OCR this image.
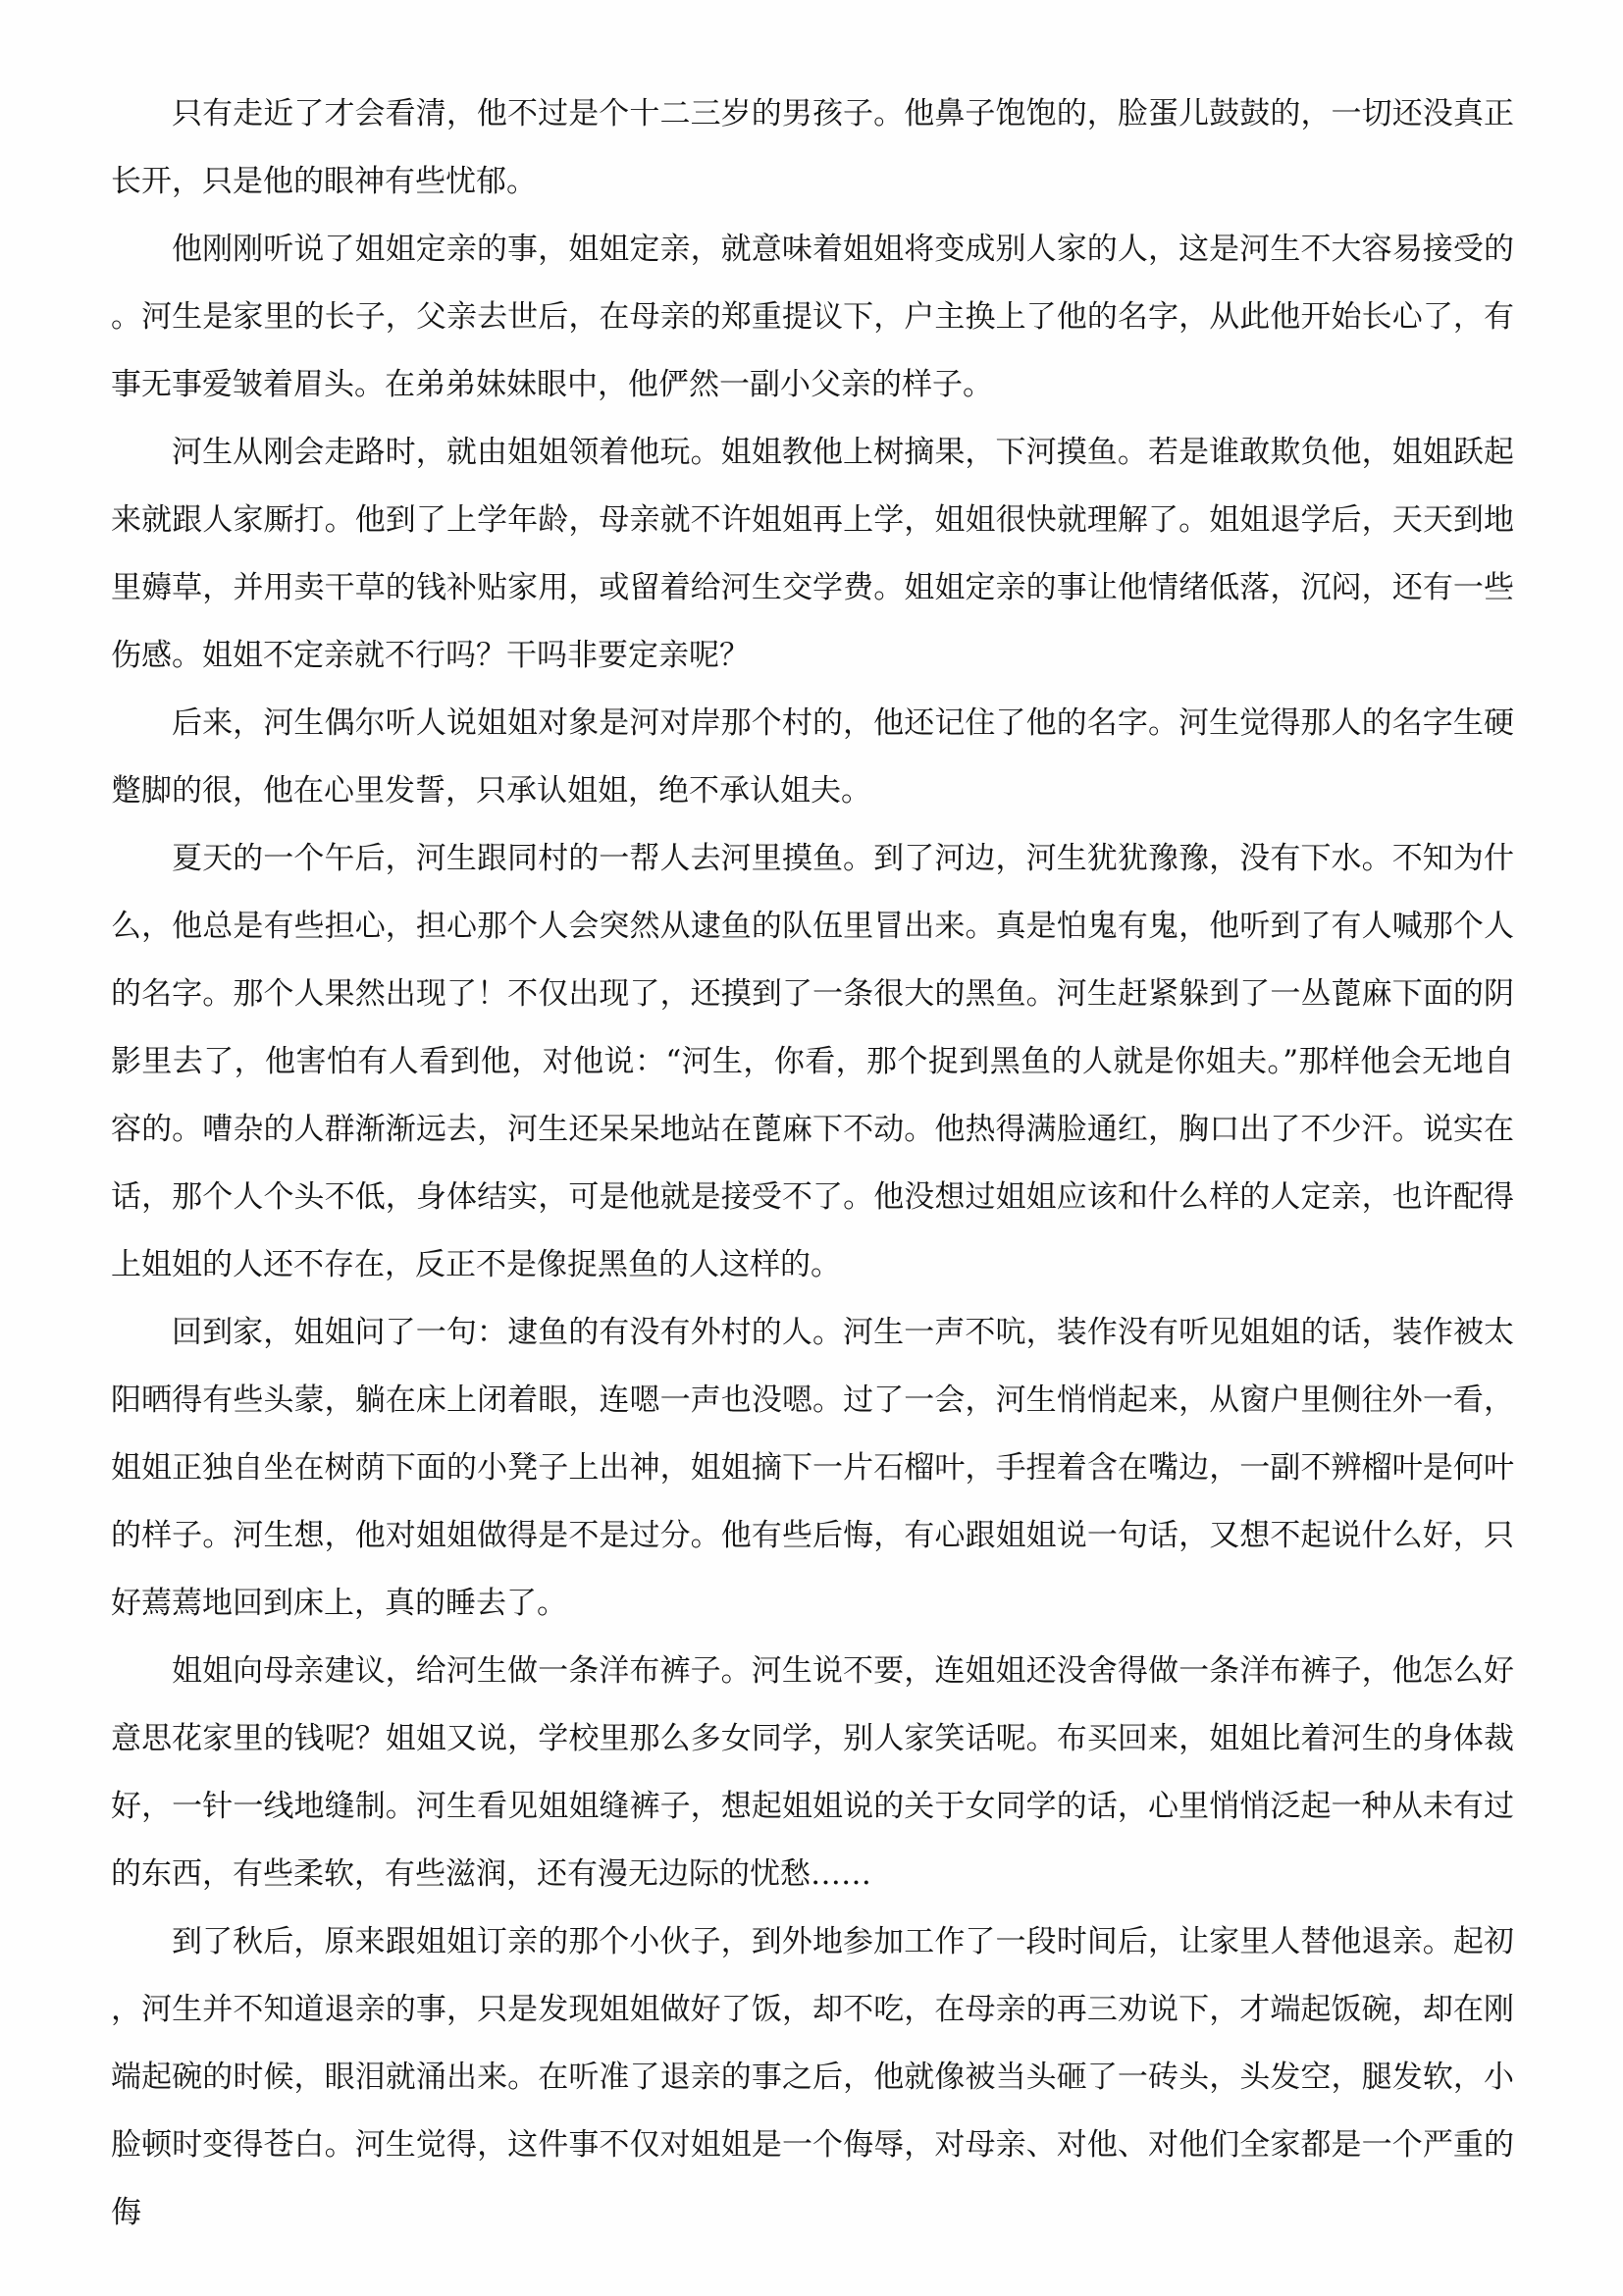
只有走近了才会看清，他不过是个十二三岁的男孩子。他鼻子饱饱的，脸蛋儿鼓鼓的，一切还没真正长开，只是他的眼神有些忧郁。

他刚刚听说了姐姐定亲的事，姐姐定亲，就意味着姐姐将变成别人家的人，这是河生不大容易接受的。河生是家里的长子，父亲去世后，在母亲的郑重提议下，户主换上了他的名字，从此他开始长心了，有事无事爱皱着眉头。在弟弟妹妹眼中，他俨然一副小父亲的样子。

河生从刚会走路时，就由姐姐领着他玩。姐姐教他上树摘果，下河摸鱼。若是谁敢欺负他，姐姐跃起来就跟人家厮打。他到了上学年龄，母亲就不许姐姐再上学，姐姐很快就理解了。姐姐退学后，天天到地里薅草，并用卖干草的钱补贴家用，或留着给河生交学费。姐姐定亲的事让他情绪低落，沉闷，还有一些伤感。姐姐不定亲就不行吗？干吗非要定亲呢？

后来，河生偶尔听人说姐姐对象是河对岸那个村的，他还记住了他的名字。河生觉得那人的名字生硬蹩脚的很，他在心里发誓，只承认姐姐，绝不承认姐夫。

夏天的一个午后，河生跟同村的一帮人去河里摸鱼。到了河边，河生犹犹豫豫，没有下水。不知为什么，他总是有些担心，担心那个人会突然从逮鱼的队伍里冒出来。真是怕鬼有鬼，他听到了有人喊那个人的名字。那个人果然出现了！不仅出现了，还摸到了一条很大的黑鱼。河生赶紧躲到了一丛蓖麻下面的阴影里去了，他害怕有人看到他，对他说：“河生，你看，那个捉到黑鱼的人就是你姐夫。”那样他会无地自容的。嘈杂的人群渐渐远去，河生还呆呆地站在蓖麻下不动。他热得满脸通红，胸口出了不少汗。说实在话，那个人个头不低，身体结实，可是他就是接受不了。他没想过姐姐应该和什么样的人定亲，也许配得上姐姐的人还不存在，反正不是像捉黑鱼的人这样的。

回到家，姐姐问了一句：逮鱼的有没有外村的人。河生一声不吭，装作没有听见姐姐的话，装作被太阳晒得有些头蒙，躺在床上闭着眼，连嗯一声也没嗯。过了一会，河生悄悄起来，从窗户里侧往外一看，姐姐正独自坐在树荫下面的小凳子上出神，姐姐摘下一片石榴叶，手捏着含在嘴边，一副不辨榴叶是何叶的样子。河生想，他对姐姐做得是不是过分。他有些后悔，有心跟姐姐说一句话，又想不起说什么好，只好蔫蔫地回到床上，真的睡去了。

姐姐向母亲建议，给河生做一条洋布裤子。河生说不要，连姐姐还没舍得做一条洋布裤子，他怎么好意思花家里的钱呢？姐姐又说，学校里那么多女同学，别人家笑话呢。布买回来，姐姐比着河生的身体裁好，一针一线地缝制。河生看见姐姐缝裤子，想起姐姐说的关于女同学的话，心里悄悄泛起一种从未有过的东西，有些柔软，有些滋润，还有漫无边际的忧愁……

到了秋后，原来跟姐姐订亲的那个小伙子，到外地参加工作了一段时间后，让家里人替他退亲。起初，河生并不知道退亲的事，只是发现姐姐做好了饭，却不吃，在母亲的再三劝说下，才端起饭碗，却在刚端起碗的时候，眼泪就涌出来。在听准了退亲的事之后，他就像被当头砸了一砖头，头发空，腿发软，小脸顿时变得苍白。河生觉得，这件事不仅对姐姐是一个侮辱，对母亲、对他、对他们全家都是一个严重的侮
